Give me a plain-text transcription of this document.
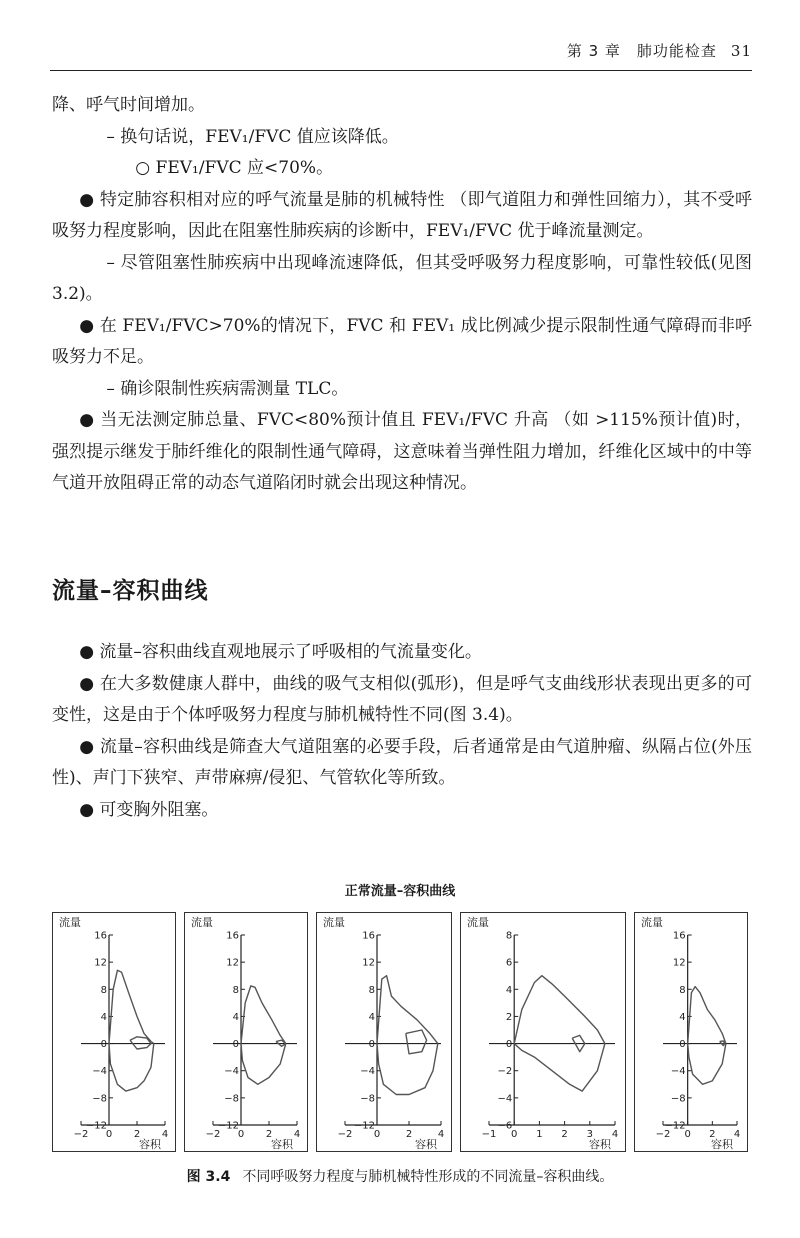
第 3 章　肺功能检查 31

降、呼气时间增加。

– 换句话说，FEV₁/FVC 值应该降低。

○ FEV₁/FVC 应<70%。

● 特定肺容积相对应的呼气流量是肺的机械特性 （即气道阻力和弹性回缩力），其不受呼吸努力程度影响，因此在阻塞性肺疾病的诊断中，FEV₁/FVC 优于峰流量测定。

– 尽管阻塞性肺疾病中出现峰流速降低，但其受呼吸努力程度影响，可靠性较低(见图 3.2)。

● 在 FEV₁/FVC>70%的情况下，FVC 和 FEV₁ 成比例减少提示限制性通气障碍而非呼吸努力不足。

– 确诊限制性疾病需测量 TLC。

● 当无法测定肺总量、FVC<80%预计值且 FEV₁/FVC 升高 （如 >115%预计值)时，强烈提示继发于肺纤维化的限制性通气障碍，这意味着当弹性阻力增加，纤维化区域中的中等气道开放阻碍正常的动态气道陷闭时就会出现这种情况。

流量–容积曲线

● 流量–容积曲线直观地展示了呼吸相的气流量变化。

● 在大多数健康人群中，曲线的吸气支相似(弧形)，但是呼气支曲线形状表现出更多的可变性，这是由于个体呼吸努力程度与肺机械特性不同(图 3.4)。

● 流量–容积曲线是筛查大气道阻塞的必要手段，后者通常是由气道肿瘤、纵隔占位(外压性)、声门下狭窄、声带麻痹/侵犯、气管软化等所致。

● 可变胸外阻塞。

正常流量–容积曲线
16
12
8
4
0
−4
−8
−12
−2 0 2 4
流量
容积
16
12
8
4
0
−4
−8
−12
−2 0 2 4
流量
容积
16
12
8
4
0
−4
−8
−12
−2 0	2	4
流量
容积
8
6
4
2
0
−2
−4
−6
−1 0 1 2 3 4
流量
容积
16
12
8
4
0
−4
−8
−12
−2 0 2 4
流量
容积
图 3.4 不同呼吸努力程度与肺机械特性形成的不同流量–容积曲线。
